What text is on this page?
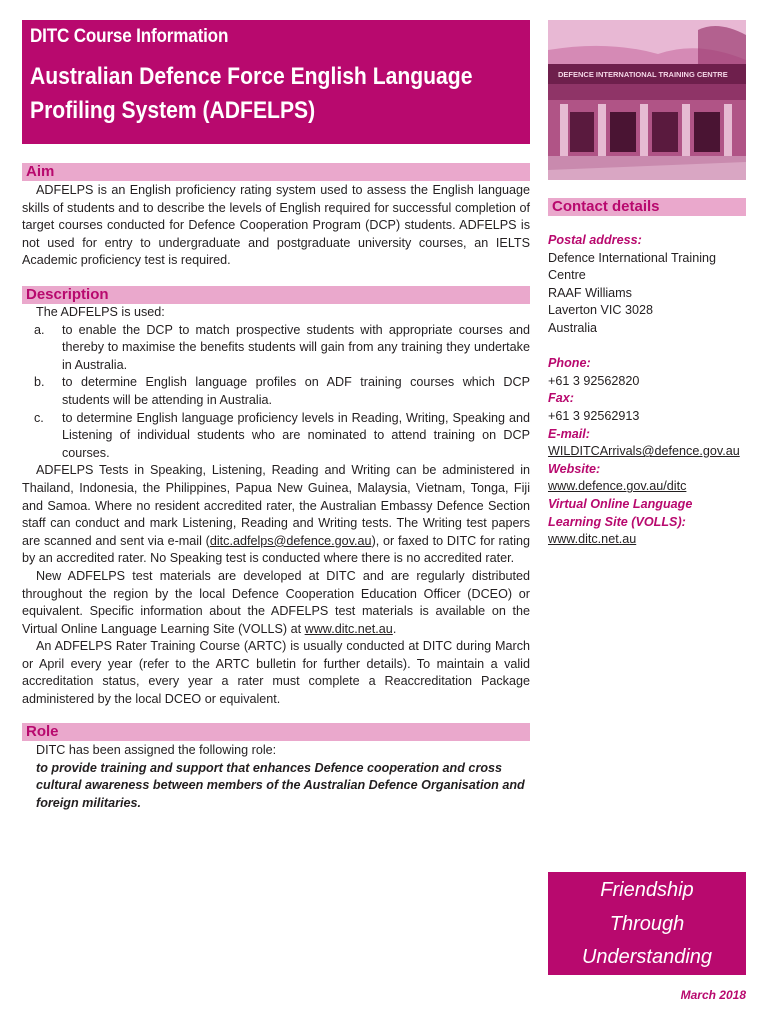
DITC Course Information
Australian Defence Force English Language Profiling System (ADFELPS)
DEFENCE INTERNATIONAL TRAINING CENTRE
Aim

ADFELPS is an English proficiency rating system used to assess the English language skills of students and to describe the levels of English required for successful completion of target courses conducted for Defence Cooperation Program (DCP) students. ADFELPS is not used for entry to undergraduate and postgraduate university courses, an IELTS Academic proficiency test is required.

Description

The ADFELPS is used:

a. to enable the DCP to match prospective students with appropriate courses and thereby to maximise the benefits students will gain from any training they undertake in Australia.
b. to determine English language profiles on ADF training courses which DCP students will be attending in Australia.
c. to determine English language proficiency levels in Reading, Writing, Speaking and Listening of individual students who are nominated to attend training on DCP courses.

ADFELPS Tests in Speaking, Listening, Reading and Writing can be administered in Thailand, Indonesia, the Philippines, Papua New Guinea, Malaysia, Vietnam, Tonga, Fiji and Samoa. Where no resident accredited rater, the Australian Embassy Defence Section staff can conduct and mark Listening, Reading and Writing tests. The Writing test papers are scanned and sent via e-mail (ditc.adfelps@defence.gov.au), or faxed to DITC for rating by an accredited rater. No Speaking test is conducted where there is no accredited rater.

New ADFELPS test materials are developed at DITC and are regularly distributed throughout the region by the local Defence Cooperation Education Officer (DCEO) or equivalent. Specific information about the ADFELPS test materials is available on the Virtual Online Language Learning Site (VOLLS) at www.ditc.net.au.

An ADFELPS Rater Training Course (ARTC) is usually conducted at DITC during March or April every year (refer to the ARTC bulletin for further details). To maintain a valid accreditation status, every year a rater must complete a Reaccreditation Package administered by the local DCEO or equivalent.

Role

DITC has been assigned the following role:

to provide training and support that enhances Defence cooperation and cross cultural awareness between members of the Australian Defence Organisation and foreign militaries.

Contact details
Postal address:
Defence International Training Centre
RAAF Williams
Laverton VIC 3028
Australia
Phone:
+61 3 92562820
Fax:
+61 3 92562913
E-mail:
WILDITCArrivals@defence.gov.au
Website:
www.defence.gov.au/ditc
Virtual Online Language Learning Site (VOLLS):
www.ditc.net.au
Friendship
Through
Understanding
March 2018
